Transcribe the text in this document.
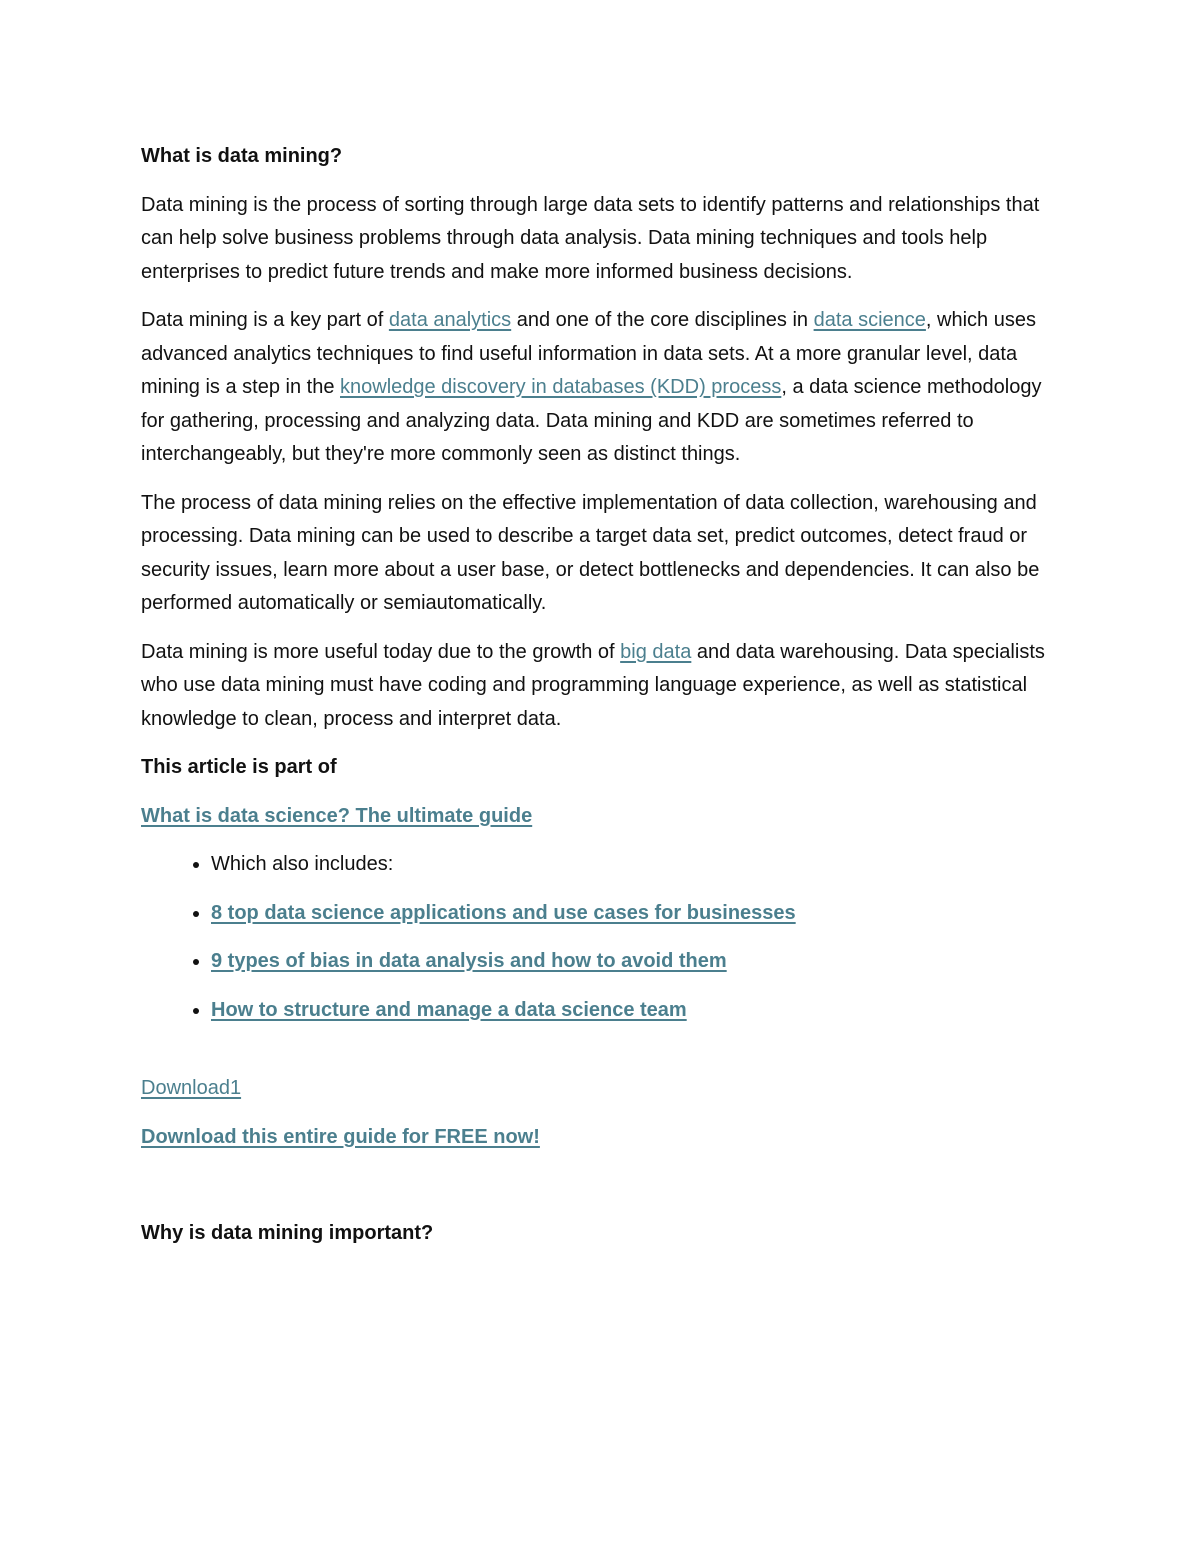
What is data mining?

Data mining is the process of sorting through large data sets to identify patterns and relationships that can help solve business problems through data analysis. Data mining techniques and tools help enterprises to predict future trends and make more informed business decisions.

Data mining is a key part of data analytics and one of the core disciplines in data science, which uses advanced analytics techniques to find useful information in data sets. At a more granular level, data mining is a step in the knowledge discovery in databases (KDD) process, a data science methodology for gathering, processing and analyzing data. Data mining and KDD are sometimes referred to interchangeably, but they're more commonly seen as distinct things.

The process of data mining relies on the effective implementation of data collection, warehousing and processing. Data mining can be used to describe a target data set, predict outcomes, detect fraud or security issues, learn more about a user base, or detect bottlenecks and dependencies. It can also be performed automatically or semiautomatically.

Data mining is more useful today due to the growth of big data and data warehousing. Data specialists who use data mining must have coding and programming language experience, as well as statistical knowledge to clean, process and interpret data.

This article is part of

What is data science? The ultimate guide

• Which also includes:
• 8 top data science applications and use cases for businesses
• 9 types of bias in data analysis and how to avoid them
• How to structure and manage a data science team

Download1

Download this entire guide for FREE now!

Why is data mining important?
